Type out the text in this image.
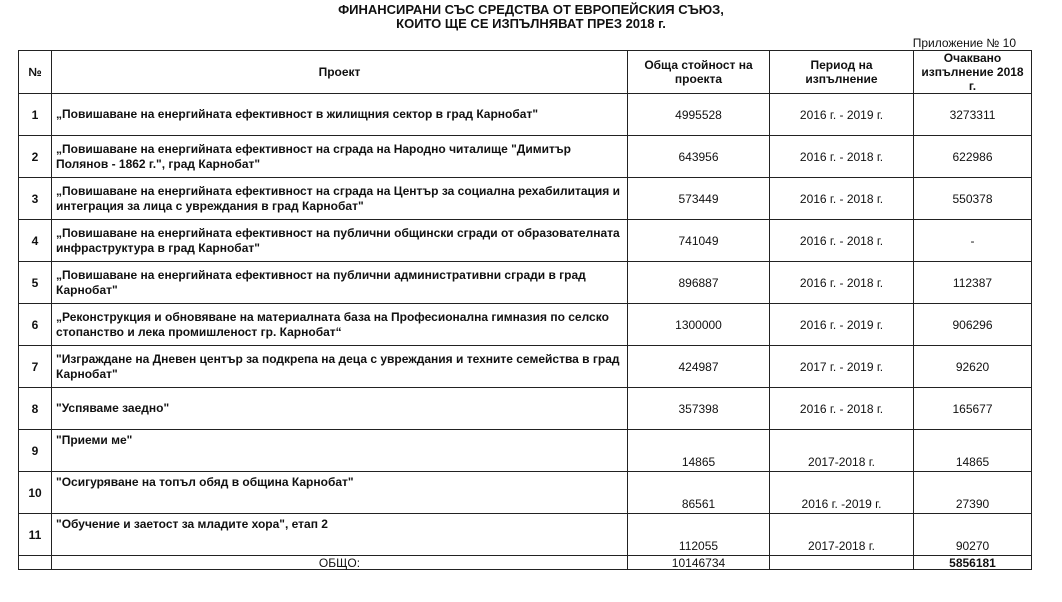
ФИНАНСИРАНИ СЪС СРЕДСТВА ОТ ЕВРОПЕЙСКИЯ СЪЮЗ,
КОИТО ЩЕ СЕ ИЗПЪЛНЯВАТ ПРЕЗ 2018 г.
Приложение № 10
№	Проект	Обща стойност на проекта	Период на изпълнение	Очаквано изпълнение 2018 г.
1	„Повишаване на енергийната ефективност в жилищния сектор в град Карнобат"	4995528	2016 г. - 2019 г.	3273311
2	„Повишаване на енергийната ефективност на сграда на Народно читалище "Димитър Полянов - 1862 г.", град Карнобат"	643956	2016 г. - 2018 г.	622986
3	„Повишаване на енергийната ефективност на сграда на Център за социална рехабилитация и интеграция за лица с увреждания в град Карнобат"	573449	2016 г. - 2018 г.	550378
4	„Повишаване на енергийната ефективност на публични общински сгради от образователната инфраструктура в град Карнобат"	741049	2016 г. - 2018 г.	-
5	„Повишаване на енергийната ефективност на публични административни сгради в град Карнобат"	896887	2016 г. - 2018 г.	112387
6	„Реконструкция и обновяване на материалната база на Професионална гимназия по селско стопанство и лека промишленост гр. Карнобат“	1300000	2016 г. - 2019 г.	906296
7	"Изграждане на Дневен център за подкрепа на деца с увреждания и техните семейства в град Карнобат"	424987	2017 г. - 2019 г.	92620
8	"Успяваме заедно"	357398	2016 г. - 2018 г.	165677
9	"Приеми ме"	14865	2017-2018 г.	14865
10	"Осигуряване на топъл обяд в община Карнобат"	86561	2016 г. -2019 г.	27390
11	"Обучение и заетост за младите хора", етап 2	112055	2017-2018 г.	90270
	ОБЩО:	10146734		5856181
